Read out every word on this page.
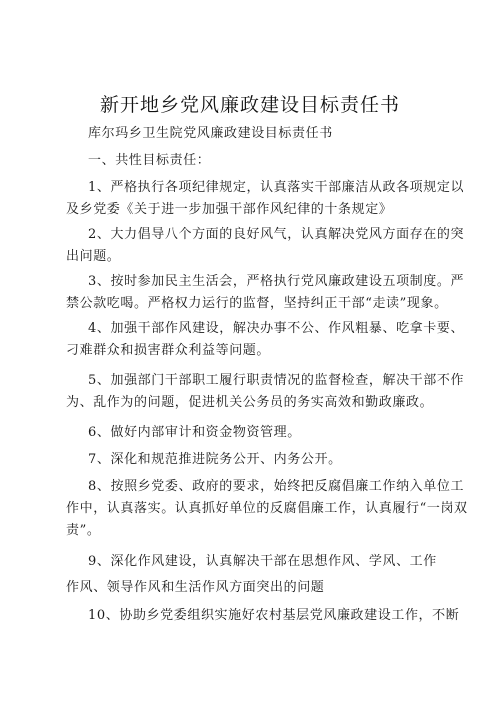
新开地乡党风廉政建设目标责任书
库尔玛乡卫生院党风廉政建设目标责任书
一、共性目标责任：
1、严格执行各项纪律规定，认真落实干部廉洁从政各项规定以
及乡党委《关于进一步加强干部作风纪律的十条规定》
2、大力倡导八个方面的良好风气，认真解决党风方面存在的突
出问题。
3、按时参加民主生活会，严格执行党风廉政建设五项制度。严
禁公款吃喝。严格权力运行的监督，坚持纠正干部“走读”现象。
4、加强干部作风建设，解决办事不公、作风粗暴、吃拿卡要、
刁难群众和损害群众利益等问题。
5、加强部门干部职工履行职责情况的监督检查，解决干部不作
为、乱作为的问题，促进机关公务员的务实高效和勤政廉政。
6、做好内部审计和资金物资管理。
7、深化和规范推进院务公开、内务公开。
8、按照乡党委、政府的要求，始终把反腐倡廉工作纳入单位工
作中，认真落实。认真抓好单位的反腐倡廉工作，认真履行“一岗双
责”。
9、深化作风建设，认真解决干部在思想作风、学风、工作
作风、领导作风和生活作风方面突出的问题
10、协助乡党委组织实施好农村基层党风廉政建设工作，不断
